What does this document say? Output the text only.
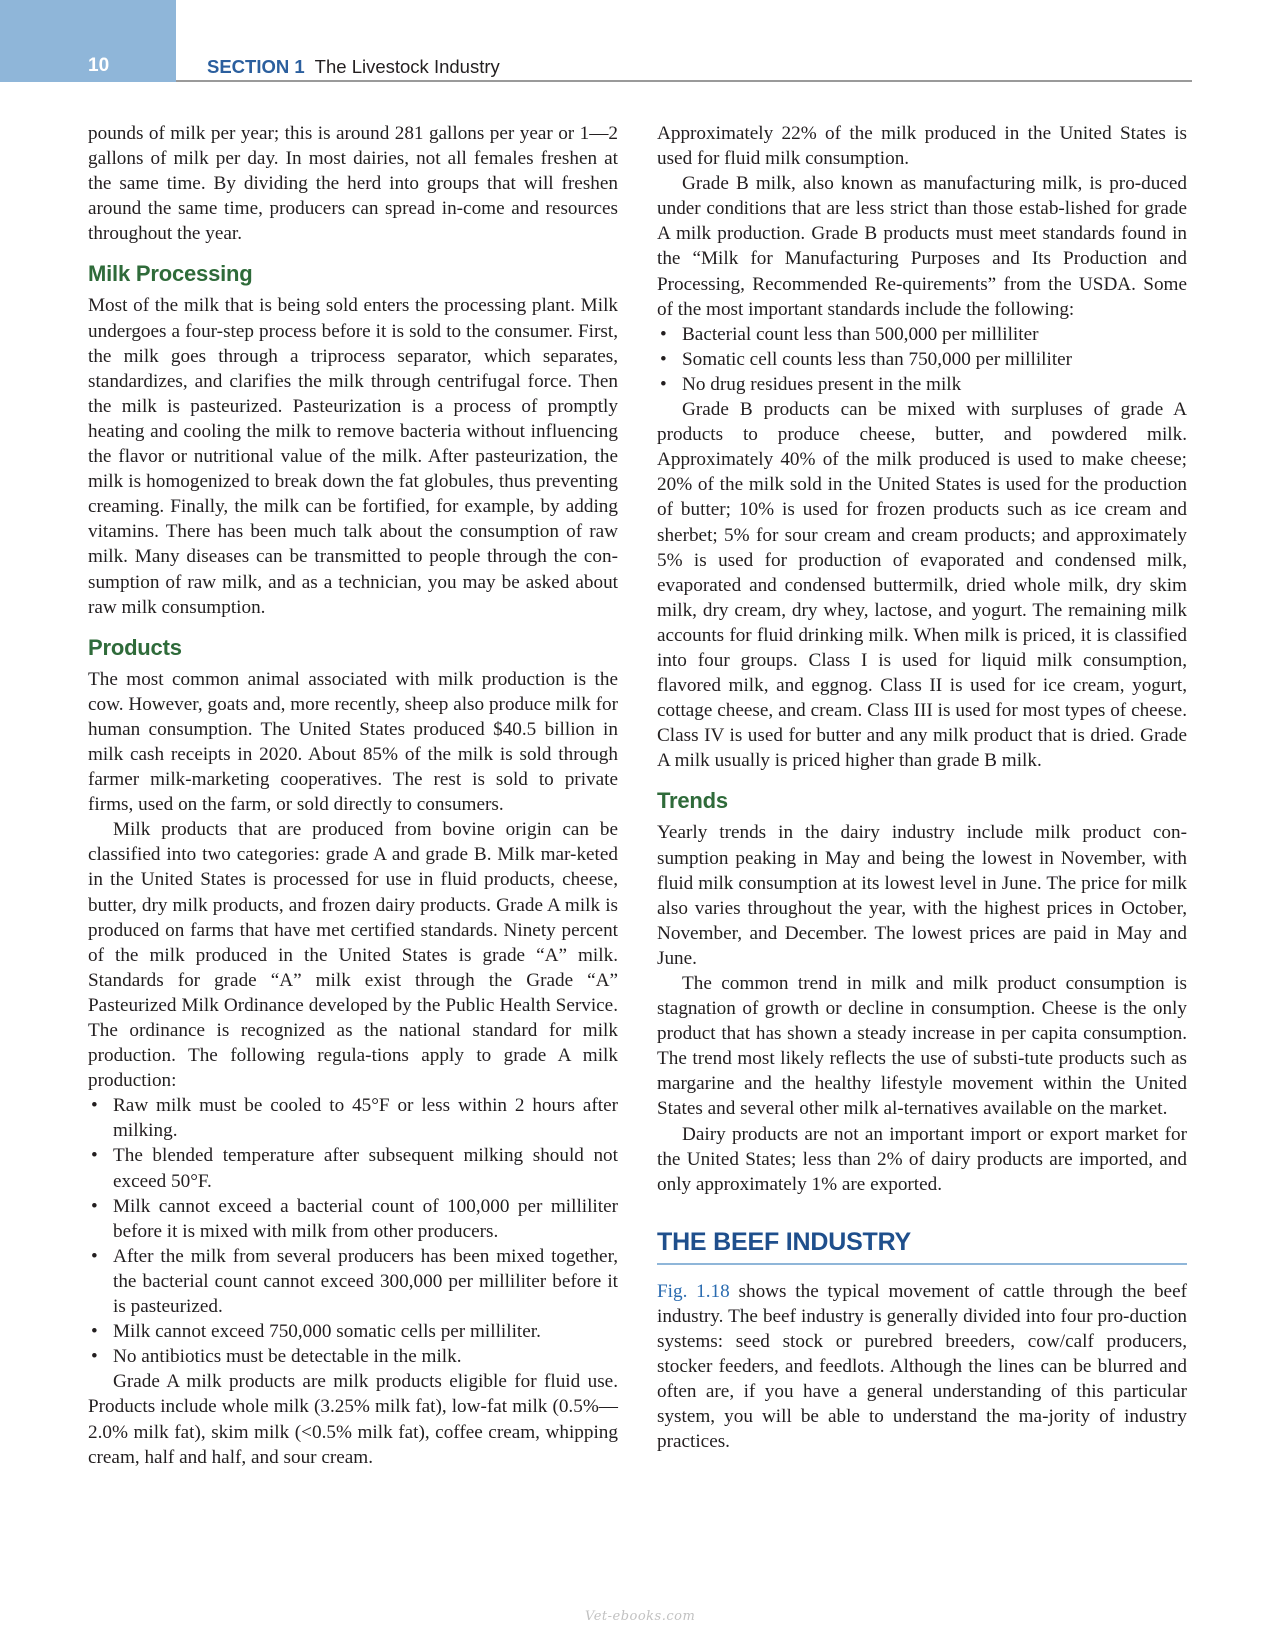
10	SECTION 1 The Livestock Industry

pounds of milk per year; this is around 281 gallons per year or 1—2 gallons of milk per day. In most dairies, not all females freshen at the same time. By dividing the herd into groups that will freshen around the same time, producers can spread in-come and resources throughout the year.

Milk Processing

Most of the milk that is being sold enters the processing plant. Milk undergoes a four-step process before it is sold to the consumer. First, the milk goes through a triprocess separator, which separates, standardizes, and clarifies the milk through centrifugal force. Then the milk is pasteurized. Pasteurization is a process of promptly heating and cooling the milk to remove bacteria without influencing the flavor or nutritional value of the milk. After pasteurization, the milk is homogenized to break down the fat globules, thus preventing creaming. Finally, the milk can be fortified, for example, by adding vitamins. There has been much talk about the consumption of raw milk. Many diseases can be transmitted to people through the con-sumption of raw milk, and as a technician, you may be asked about raw milk consumption.

Products

The most common animal associated with milk production is the cow. However, goats and, more recently, sheep also produce milk for human consumption. The United States produced $40.5 billion in milk cash receipts in 2020. About 85% of the milk is sold through farmer milk-marketing cooperatives. The rest is sold to private firms, used on the farm, or sold directly to consumers.

Milk products that are produced from bovine origin can be classified into two categories: grade A and grade B. Milk mar-keted in the United States is processed for use in fluid products, cheese, butter, dry milk products, and frozen dairy products. Grade A milk is produced on farms that have met certified standards. Ninety percent of the milk produced in the United States is grade “A” milk. Standards for grade “A” milk exist through the Grade “A” Pasteurized Milk Ordinance developed by the Public Health Service. The ordinance is recognized as the national standard for milk production. The following regula-tions apply to grade A milk production:

• Raw milk must be cooled to 45°F or less within 2 hours after milking.
• The blended temperature after subsequent milking should not exceed 50°F.
• Milk cannot exceed a bacterial count of 100,000 per milliliter before it is mixed with milk from other producers.
• After the milk from several producers has been mixed together, the bacterial count cannot exceed 300,000 per milliliter before it is pasteurized.
• Milk cannot exceed 750,000 somatic cells per milliliter.
• No antibiotics must be detectable in the milk.

Grade A milk products are milk products eligible for fluid use. Products include whole milk (3.25% milk fat), low-fat milk (0.5%—2.0% milk fat), skim milk (<0.5% milk fat), coffee cream, whipping cream, half and half, and sour cream.

Approximately 22% of the milk produced in the United States is used for fluid milk consumption.

Grade B milk, also known as manufacturing milk, is pro-duced under conditions that are less strict than those estab-lished for grade A milk production. Grade B products must meet standards found in the “Milk for Manufacturing Purposes and Its Production and Processing, Recommended Re-quirements” from the USDA. Some of the most important standards include the following:

• Bacterial count less than 500,000 per milliliter
• Somatic cell counts less than 750,000 per milliliter
• No drug residues present in the milk

Grade B products can be mixed with surpluses of grade A products to produce cheese, butter, and powdered milk. Approximately 40% of the milk produced is used to make cheese; 20% of the milk sold in the United States is used for the production of butter; 10% is used for frozen products such as ice cream and sherbet; 5% for sour cream and cream products; and approximately 5% is used for production of evaporated and condensed milk, evaporated and condensed buttermilk, dried whole milk, dry skim milk, dry cream, dry whey, lactose, and yogurt. The remaining milk accounts for fluid drinking milk. When milk is priced, it is classified into four groups. Class I is used for liquid milk consumption, flavored milk, and eggnog. Class II is used for ice cream, yogurt, cottage cheese, and cream. Class III is used for most types of cheese. Class IV is used for butter and any milk product that is dried. Grade A milk usually is priced higher than grade B milk.

Trends

Yearly trends in the dairy industry include milk product con-sumption peaking in May and being the lowest in November, with fluid milk consumption at its lowest level in June. The price for milk also varies throughout the year, with the highest prices in October, November, and December. The lowest prices are paid in May and June.

The common trend in milk and milk product consumption is stagnation of growth or decline in consumption. Cheese is the only product that has shown a steady increase in per capita consumption. The trend most likely reflects the use of substi-tute products such as margarine and the healthy lifestyle movement within the United States and several other milk al-ternatives available on the market.

Dairy products are not an important import or export market for the United States; less than 2% of dairy products are imported, and only approximately 1% are exported.

THE BEEF INDUSTRY

Fig. 1.18 shows the typical movement of cattle through the beef industry. The beef industry is generally divided into four pro-duction systems: seed stock or purebred breeders, cow/calf producers, stocker feeders, and feedlots. Although the lines can be blurred and often are, if you have a general understanding of this particular system, you will be able to understand the ma-jority of industry practices.

Vet-ebooks.com
